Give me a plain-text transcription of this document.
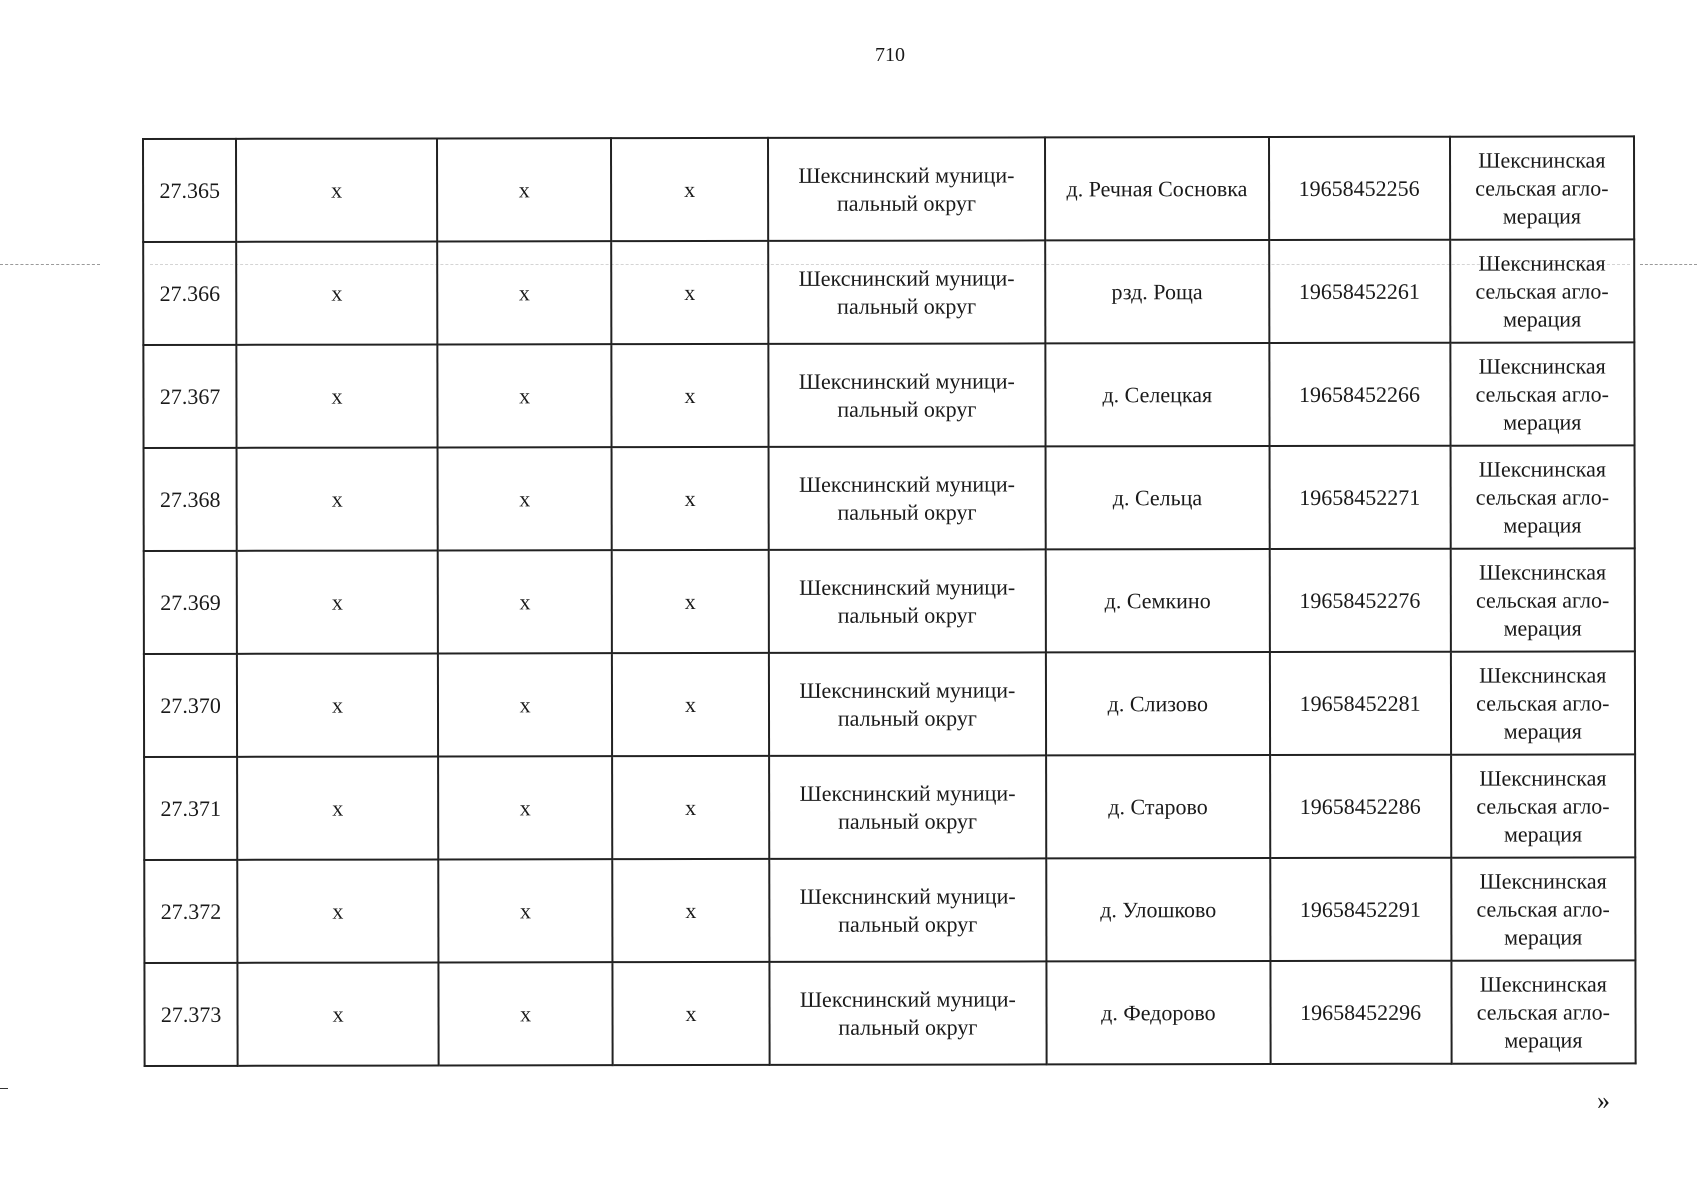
710
27.365	х	х	х	Шекснинский муници-пальный округ	д. Речная Сосновка	19658452256	Шекснинская сельская агло-мерация
27.366	х	х	х	Шекснинский муници-пальный округ	рзд. Роща	19658452261	Шекснинская сельская агло-мерация
27.367	х	х	х	Шекснинский муници-пальный округ	д. Селецкая	19658452266	Шекснинская сельская агло-мерация
27.368	х	х	х	Шекснинский муници-пальный округ	д. Сельца	19658452271	Шекснинская сельская агло-мерация
27.369	х	х	х	Шекснинский муници-пальный округ	д. Семкино	19658452276	Шекснинская сельская агло-мерация
27.370	х	х	х	Шекснинский муници-пальный округ	д. Слизово	19658452281	Шекснинская сельская агло-мерация
27.371	х	х	х	Шекснинский муници-пальный округ	д. Старово	19658452286	Шекснинская сельская агло-мерация
27.372	х	х	х	Шекснинский муници-пальный округ	д. Улошково	19658452291	Шекснинская сельская агло-мерация
27.373	х	х	х	Шекснинский муници-пальный округ	д. Федорово	19658452296	Шекснинская сельская агло-мерация
»
